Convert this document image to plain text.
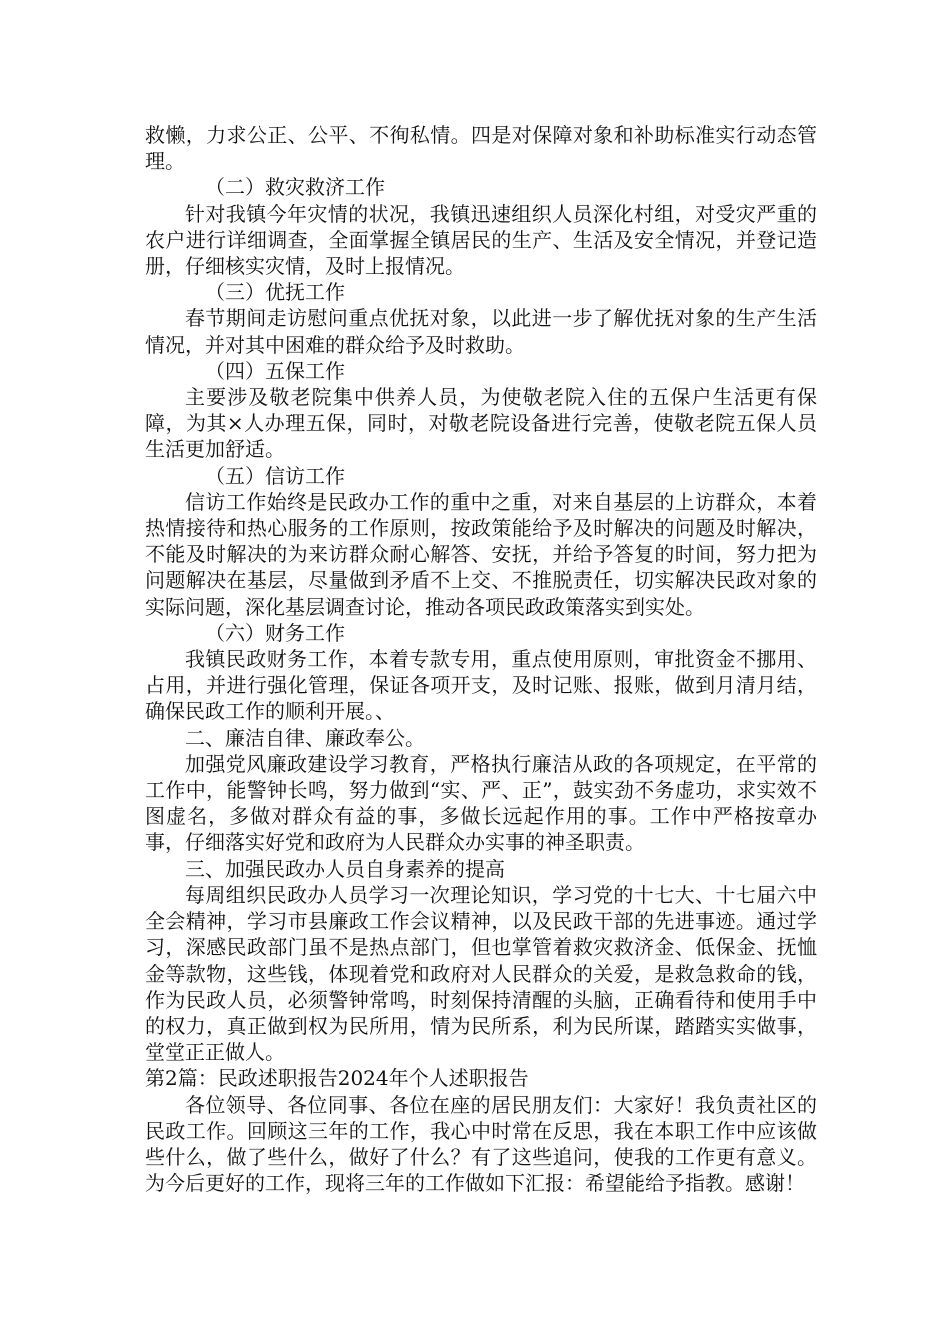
救懒，力求公正、公平、不徇私情。四是对保障对象和补助标准实行动态管理。

（二）救灾救济工作

针对我镇今年灾情的状况，我镇迅速组织人员深化村组，对受灾严重的农户进行详细调查，全面掌握全镇居民的生产、生活及安全情况，并登记造册，仔细核实灾情，及时上报情况。

（三）优抚工作

春节期间走访慰问重点优抚对象，以此进一步了解优抚对象的生产生活情况，并对其中困难的群众给予及时救助。

（四）五保工作

主要涉及敬老院集中供养人员，为使敬老院入住的五保户生活更有保障，为其×人办理五保，同时，对敬老院设备进行完善，使敬老院五保人员生活更加舒适。

（五）信访工作

信访工作始终是民政办工作的重中之重，对来自基层的上访群众，本着热情接待和热心服务的工作原则，按政策能给予及时解决的问题及时解决，不能及时解决的为来访群众耐心解答、安抚，并给予答复的时间，努力把为问题解决在基层，尽量做到矛盾不上交、不推脱责任，切实解决民政对象的实际问题，深化基层调查讨论，推动各项民政政策落实到实处。

（六）财务工作

我镇民政财务工作，本着专款专用，重点使用原则，审批资金不挪用、占用，并进行强化管理，保证各项开支，及时记账、报账，做到月清月结，确保民政工作的顺利开展。、

二、廉洁自律、廉政奉公。

加强党风廉政建设学习教育，严格执行廉洁从政的各项规定，在平常的工作中，能警钟长鸣，努力做到“实、严、正”，鼓实劲不务虚功，求实效不图虚名，多做对群众有益的事，多做长远起作用的事。工作中严格按章办事，仔细落实好党和政府为人民群众办实事的神圣职责。

三、加强民政办人员自身素养的提高

每周组织民政办人员学习一次理论知识，学习党的十七大、十七届六中全会精神，学习市县廉政工作会议精神，以及民政干部的先进事迹。通过学习，深感民政部门虽不是热点部门，但也掌管着救灾救济金、低保金、抚恤金等款物，这些钱，体现着党和政府对人民群众的关爱，是救急救命的钱，作为民政人员，必须警钟常鸣，时刻保持清醒的头脑，正确看待和使用手中的权力，真正做到权为民所用，情为民所系，利为民所谋，踏踏实实做事，堂堂正正做人。

第2篇：民政述职报告2024年个人述职报告

各位领导、各位同事、各位在座的居民朋友们：大家好！我负责社区的民政工作。回顾这三年的工作，我心中时常在反思，我在本职工作中应该做些什么，做了些什么，做好了什么？有了这些追问，使我的工作更有意义。为今后更好的工作，现将三年的工作做如下汇报：希望能给予指教。感谢！
